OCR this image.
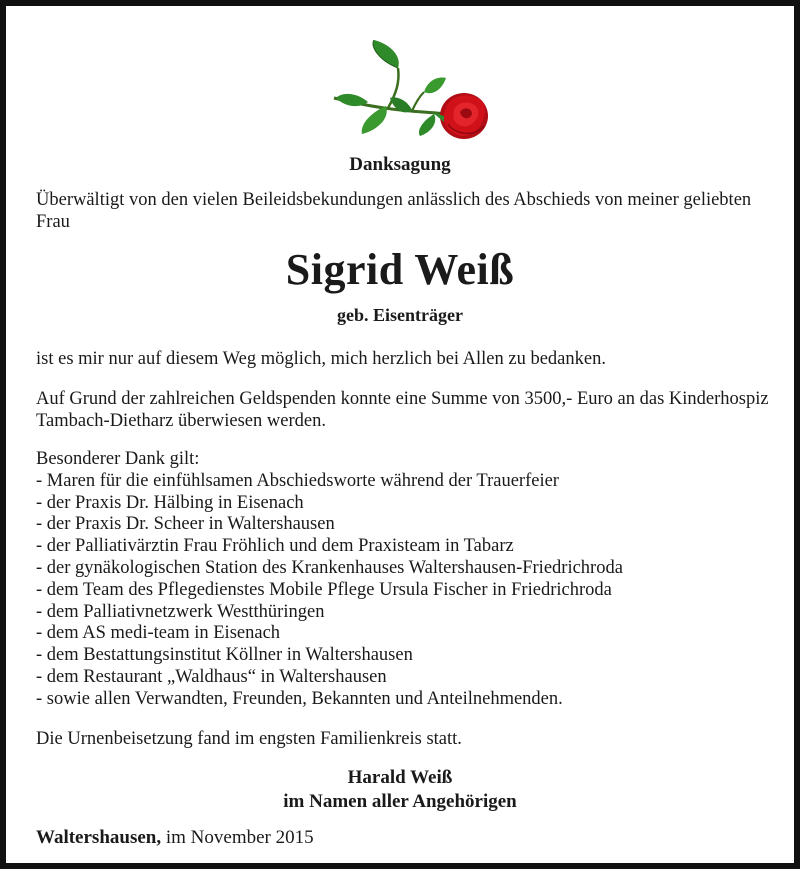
Danksagung
Überwältigt von den vielen Beileidsbekundungen anlässlich des Abschieds von meiner geliebten Frau
Sigrid Weiß
geb. Eisenträger
ist es mir nur auf diesem Weg möglich, mich herzlich bei Allen zu bedanken.
Auf Grund der zahlreichen Geldspenden konnte eine Summe von 3500,- Euro an das Kinderhospiz Tambach-Dietharz überwiesen werden.
Besonderer Dank gilt:
- Maren für die einfühlsamen Abschiedsworte während der Trauerfeier
- der Praxis Dr. Hälbing in Eisenach
- der Praxis Dr. Scheer in Waltershausen
- der Palliativärztin Frau Fröhlich und dem Praxisteam in Tabarz
- der gynäkologischen Station des Krankenhauses Waltershausen-Friedrichroda
- dem Team des Pflegedienstes Mobile Pflege Ursula Fischer in Friedrichroda
- dem Palliativnetzwerk Westthüringen
- dem AS medi-team in Eisenach
- dem Bestattungsinstitut Köllner in Waltershausen
- dem Restaurant „Waldhaus“ in Waltershausen
- sowie allen Verwandten, Freunden, Bekannten und Anteilnehmenden.
Die Urnenbeisetzung fand im engsten Familienkreis statt.
Harald Weiß
im Namen aller Angehörigen
Waltershausen, im November 2015
